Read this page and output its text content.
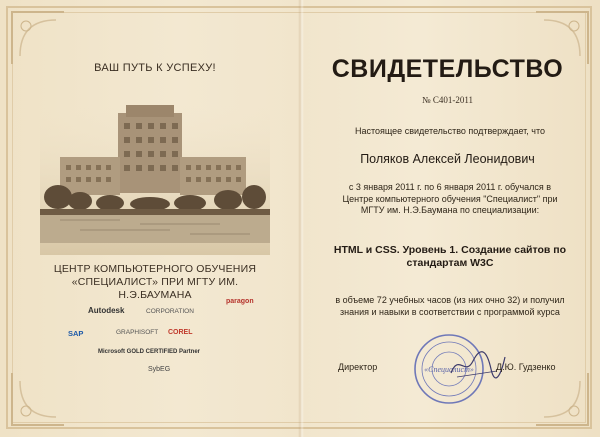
ВАШ ПУТЬ К УСПЕХУ!
ЦЕНТР КОМПЬЮТЕРНОГО ОБУЧЕНИЯ
«СПЕЦИАЛИСТ» ПРИ МГТУ ИМ. Н.Э.БАУМАНА
Autodesk	CORPORATION
paragon
SAP	GRAPHISOFT COREL
Microsoft GOLD CERTIFIED Partner
SybEG
СВИДЕТЕЛЬСТВО
№ С401-2011
Настоящее свидетельство подтверждает, что
Поляков Алексей Леонидович
с 3 января 2011 г. по 6 января 2011 г. обучался в
Центре компьютерного обучения "Специалист" при
МГТУ им. Н.Э.Баумана по специализации:
HTML и CSS. Уровень 1. Создание сайтов по
стандартам W3C
в объеме 72 учебных часов (из них очно 32) и получил
знания и навыки в соответствии с программой курса
«Специалист»
Директор	Д.Ю. Гудзенко
